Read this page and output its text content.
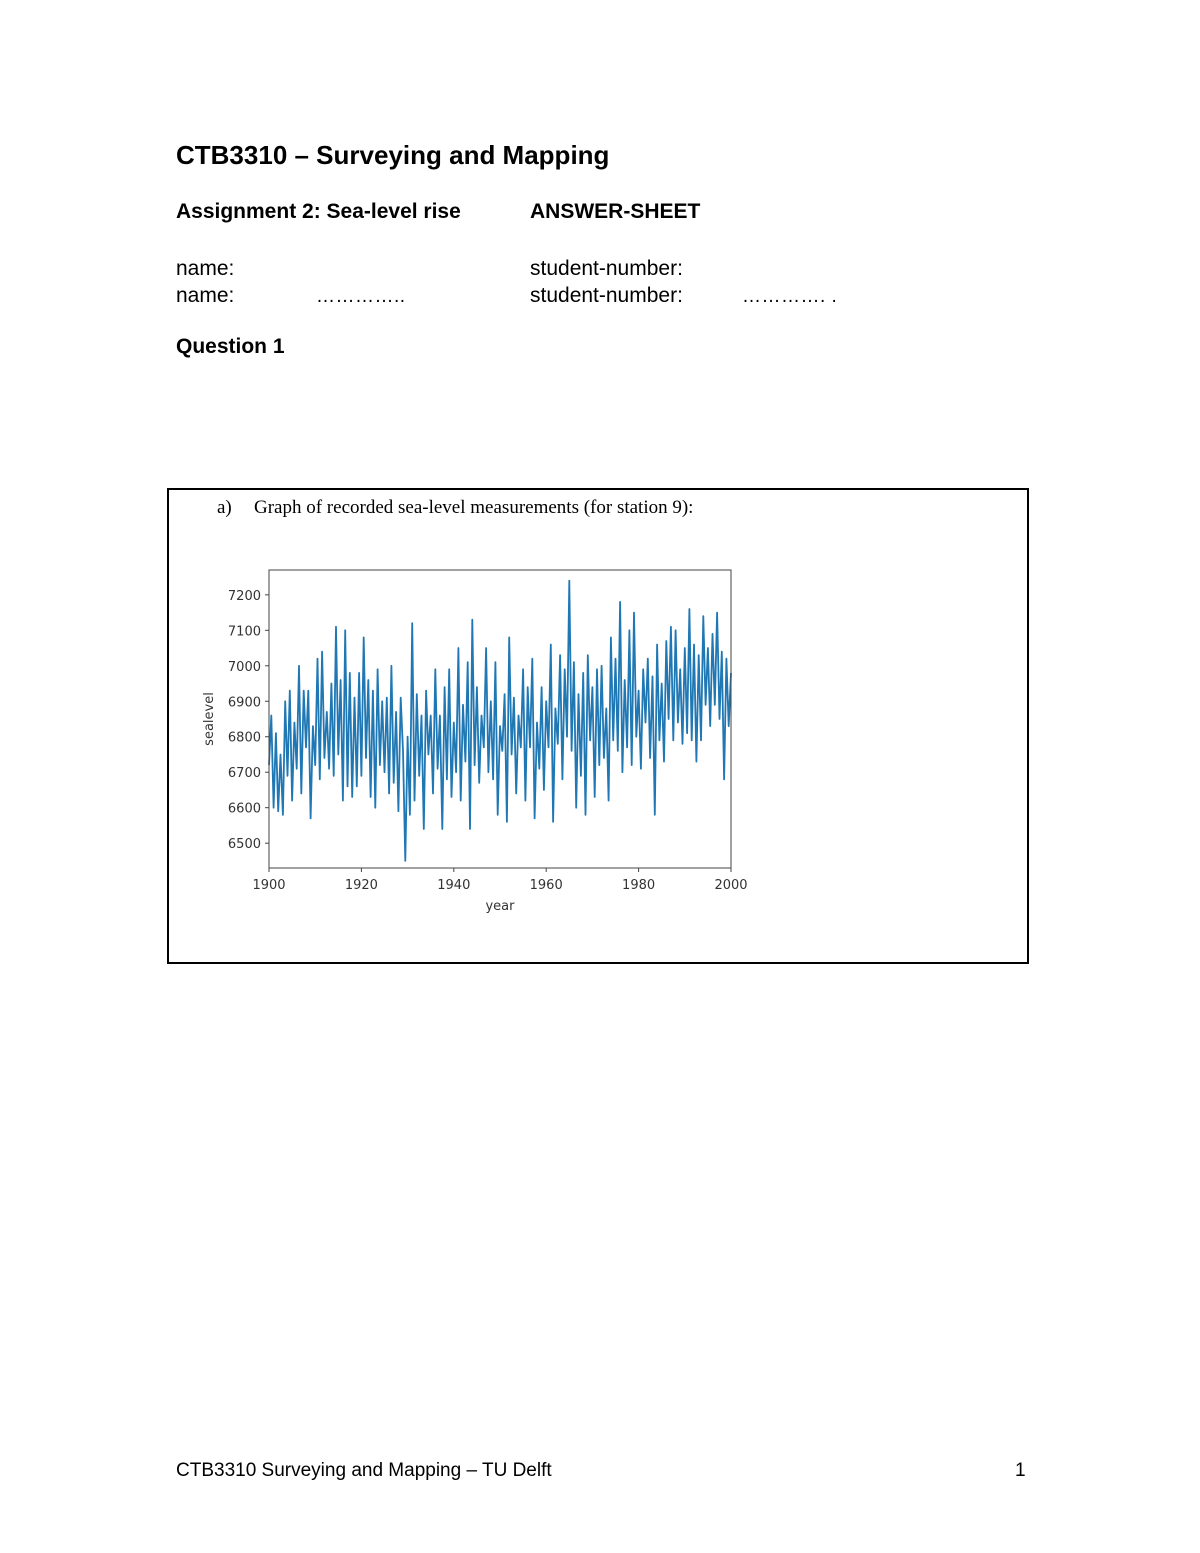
CTB3310 – Surveying and Mapping
Assignment 2: Sea-level rise	ANSWER-SHEET
name:	student-number:
name:	…………..	student-number:	…………. .
Question 1
a) Graph of recorded sea-level measurements (for station 9):
1900	1920	1940	1960	1980	2000
6500
6600
6700
6800
6900
7000
7100
7200
year
sealevel
CTB3310 Surveying and Mapping – TU Delft	1
